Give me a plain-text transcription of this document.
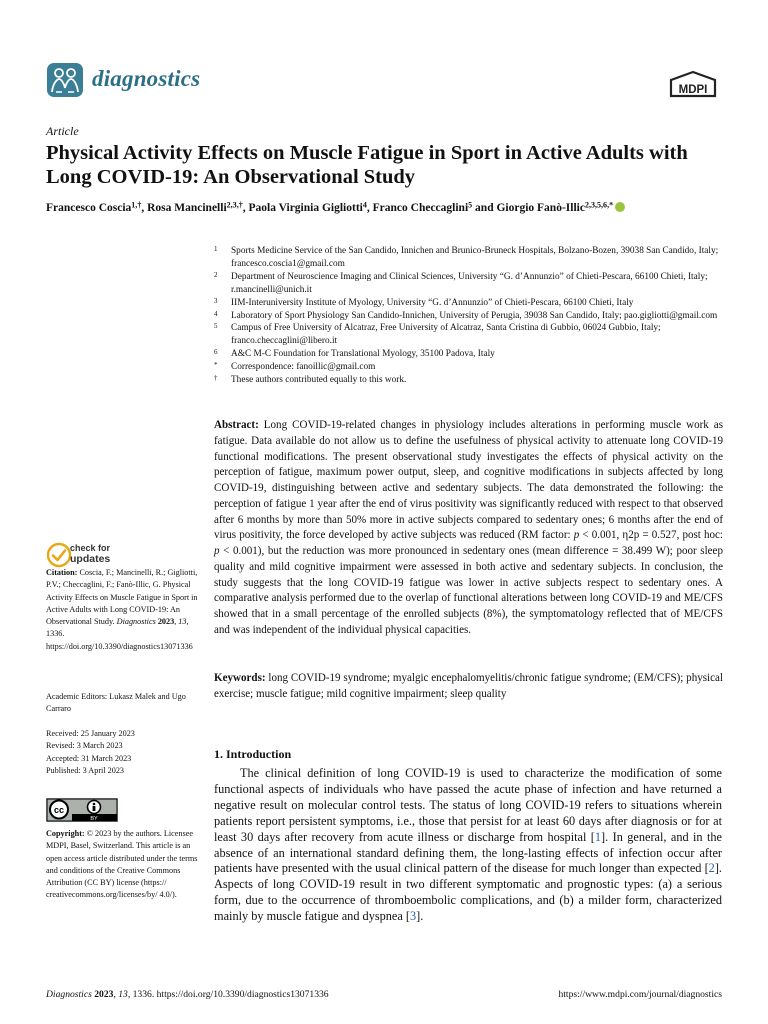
diagnostics	MDPI
Article
Physical Activity Effects on Muscle Fatigue in Sport in Active Adults with Long COVID-19: An Observational Study
Francesco Coscia$^{1,\dagger}$, Rosa Mancinelli$^{2,3,\dagger}$, Paola Virginia Gigliotti$^4$, Franco Checcaglini$^5$ and Giorgio Fanò-Illic$^{2,3,5,6,*}$
1 Sports Medicine Service of the San Candido, Innichen and Brunico-Bruneck Hospitals, Bolzano-Bozen, 39038 San Candido, Italy; francesco.coscia1@gmail.com
2 Department of Neuroscience Imaging and Clinical Sciences, University “G. d’Annunzio” of Chieti-Pescara, 66100 Chieti, Italy; r.mancinelli@unich.it
3 IIM-Interuniversity Institute of Myology, University “G. d’Annunzio” of Chieti-Pescara, 66100 Chieti, Italy
4 Laboratory of Sport Physiology San Candido-Innichen, University of Perugia, 39038 San Candido, Italy; pao.gigliotti@gmail.com
5 Campus of Free University of Alcatraz, Free University of Alcatraz, Santa Cristina di Gubbio, 06024 Gubbio, Italy; franco.checcaglini@libero.it
6 A&C M-C Foundation for Translational Myology, 35100 Padova, Italy
* Correspondence: fanoillic@gmail.com
† These authors contributed equally to this work.
Abstract: Long COVID-19-related changes in physiology includes alterations in performing muscle work as fatigue. Data available do not allow us to define the usefulness of physical activity to attenuate long COVID-19 functional modifications. The present observational study investigates the effects of physical activity on the perception of fatigue, maximum power output, sleep, and cognitive modifications in subjects affected by long COVID-19, distinguishing between active and sedentary subjects. The data demonstrated the following: the perception of fatigue 1 year after the end of virus positivity was significantly reduced with respect to that observed after 6 months by more than 50% more in active subjects compared to sedentary ones; 6 months after the end of virus positivity, the force developed by active subjects was reduced (RM factor: p < 0.001, η2p = 0.527, post hoc: p < 0.001), but the reduction was more pronounced in sedentary ones (mean difference = 38.499 W); poor sleep quality and mild cognitive impairment were assessed in both active and sedentary subjects. In conclusion, the study suggests that the long COVID-19 fatigue was lower in active subjects respect to sedentary ones. A comparative analysis performed due to the overlap of functional alterations between long COVID-19 and ME/CFS showed that in a small percentage of the enrolled subjects (8%), the symptomatology reflected that of ME/CFS and was independent of the individual physical capacities.
Keywords: long COVID-19 syndrome; myalgic encephalomyelitis/chronic fatigue syndrome; (EM/CFS); physical exercise; muscle fatigue; mild cognitive impairment; sleep quality
check for
updates
Citation: Coscia, F.; Mancinelli, R.; Gigliotti, P.V.; Checcaglini, F.; Fanò-Illic, G. Physical Activity Effects on Muscle Fatigue in Sport in Active Adults with Long COVID-19: An Observational Study. Diagnostics 2023, 13, 1336. https://doi.org/10.3390/diagnostics13071336
Academic Editors: Lukasz Malek and Ugo Carraro
Received: 25 January 2023
Revised: 3 March 2023
Accepted: 31 March 2023
Published: 3 April 2023
cc
BY
Copyright: © 2023 by the authors. Licensee MDPI, Basel, Switzerland. This article is an open access article distributed under the terms and conditions of the Creative Commons Attribution (CC BY) license (https:// creativecommons.org/licenses/by/ 4.0/).
1. Introduction
The clinical definition of long COVID-19 is used to characterize the modification of some functional aspects of individuals who have passed the acute phase of infection and have returned a negative result on molecular control tests. The status of long COVID-19 refers to situations wherein patients report persistent symptoms, i.e., those that persist for at least 60 days after diagnosis or for at least 30 days after recovery from acute illness or discharge from hospital [1]. In general, and in the absence of an international standard defining them, the long-lasting effects of infection occur after patients have presented with the usual clinical pattern of the disease for much longer than expected [2]. Aspects of long COVID-19 result in two different symptomatic and prognostic types: (a) a serious form, due to the occurrence of thromboembolic complications, and (b) a milder form, characterized mainly by muscle fatigue and dyspnea [3].
Diagnostics 2023, 13, 1336. https://doi.org/10.3390/diagnostics13071336	https://www.mdpi.com/journal/diagnostics
